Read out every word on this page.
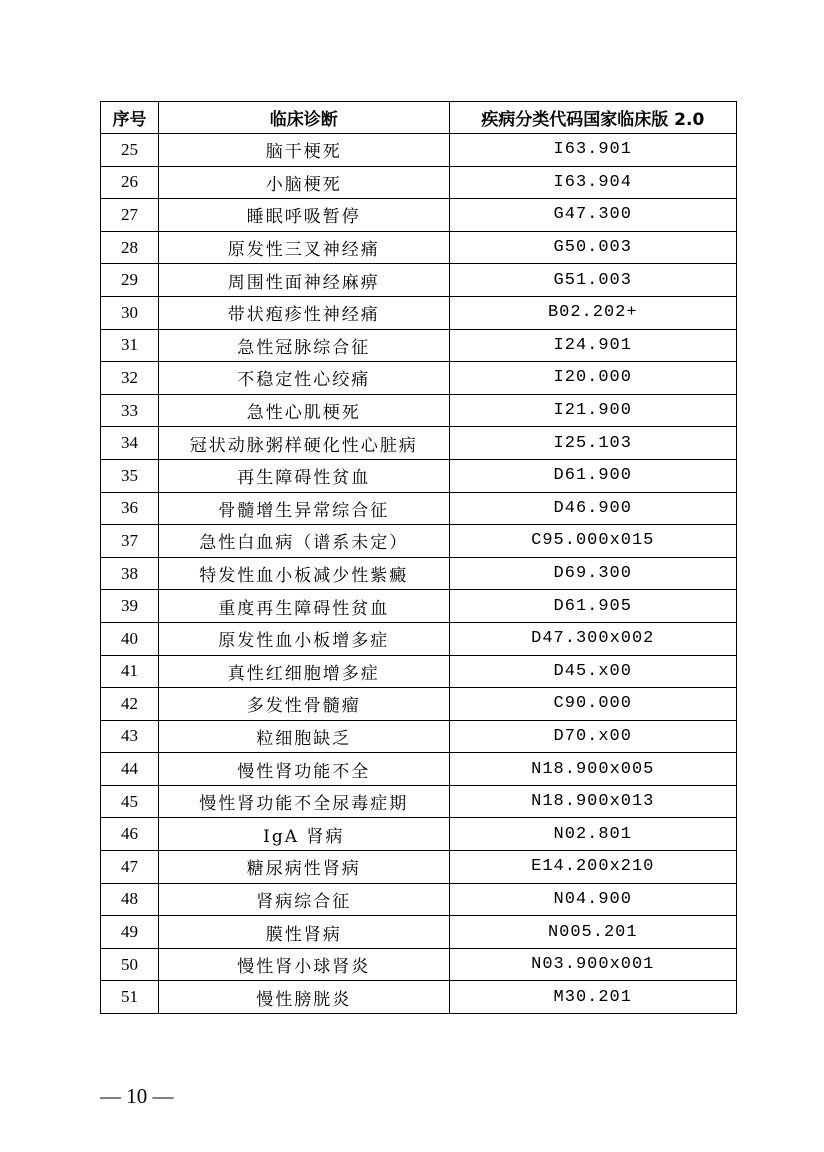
序号	临床诊断	疾病分类代码国家临床版 2.0
25	脑干梗死	I63.901
26	小脑梗死	I63.904
27	睡眠呼吸暂停	G47.300
28	原发性三叉神经痛	G50.003
29	周围性面神经麻痹	G51.003
30	带状疱疹性神经痛	B02.202+
31	急性冠脉综合征	I24.901
32	不稳定性心绞痛	I20.000
33	急性心肌梗死	I21.900
34	冠状动脉粥样硬化性心脏病	I25.103
35	再生障碍性贫血	D61.900
36	骨髓增生异常综合征	D46.900
37	急性白血病（谱系未定）	C95.000x015
38	特发性血小板减少性紫癜	D69.300
39	重度再生障碍性贫血	D61.905
40	原发性血小板增多症	D47.300x002
41	真性红细胞增多症	D45.x00
42	多发性骨髓瘤	C90.000
43	粒细胞缺乏	D70.x00
44	慢性肾功能不全	N18.900x005
45	慢性肾功能不全尿毒症期	N18.900x013
46	IgA 肾病	N02.801
47	糖尿病性肾病	E14.200x210
48	肾病综合征	N04.900
49	膜性肾病	N005.201
50	慢性肾小球肾炎	N03.900x001
51	慢性膀胱炎	M30.201
— 10 —
